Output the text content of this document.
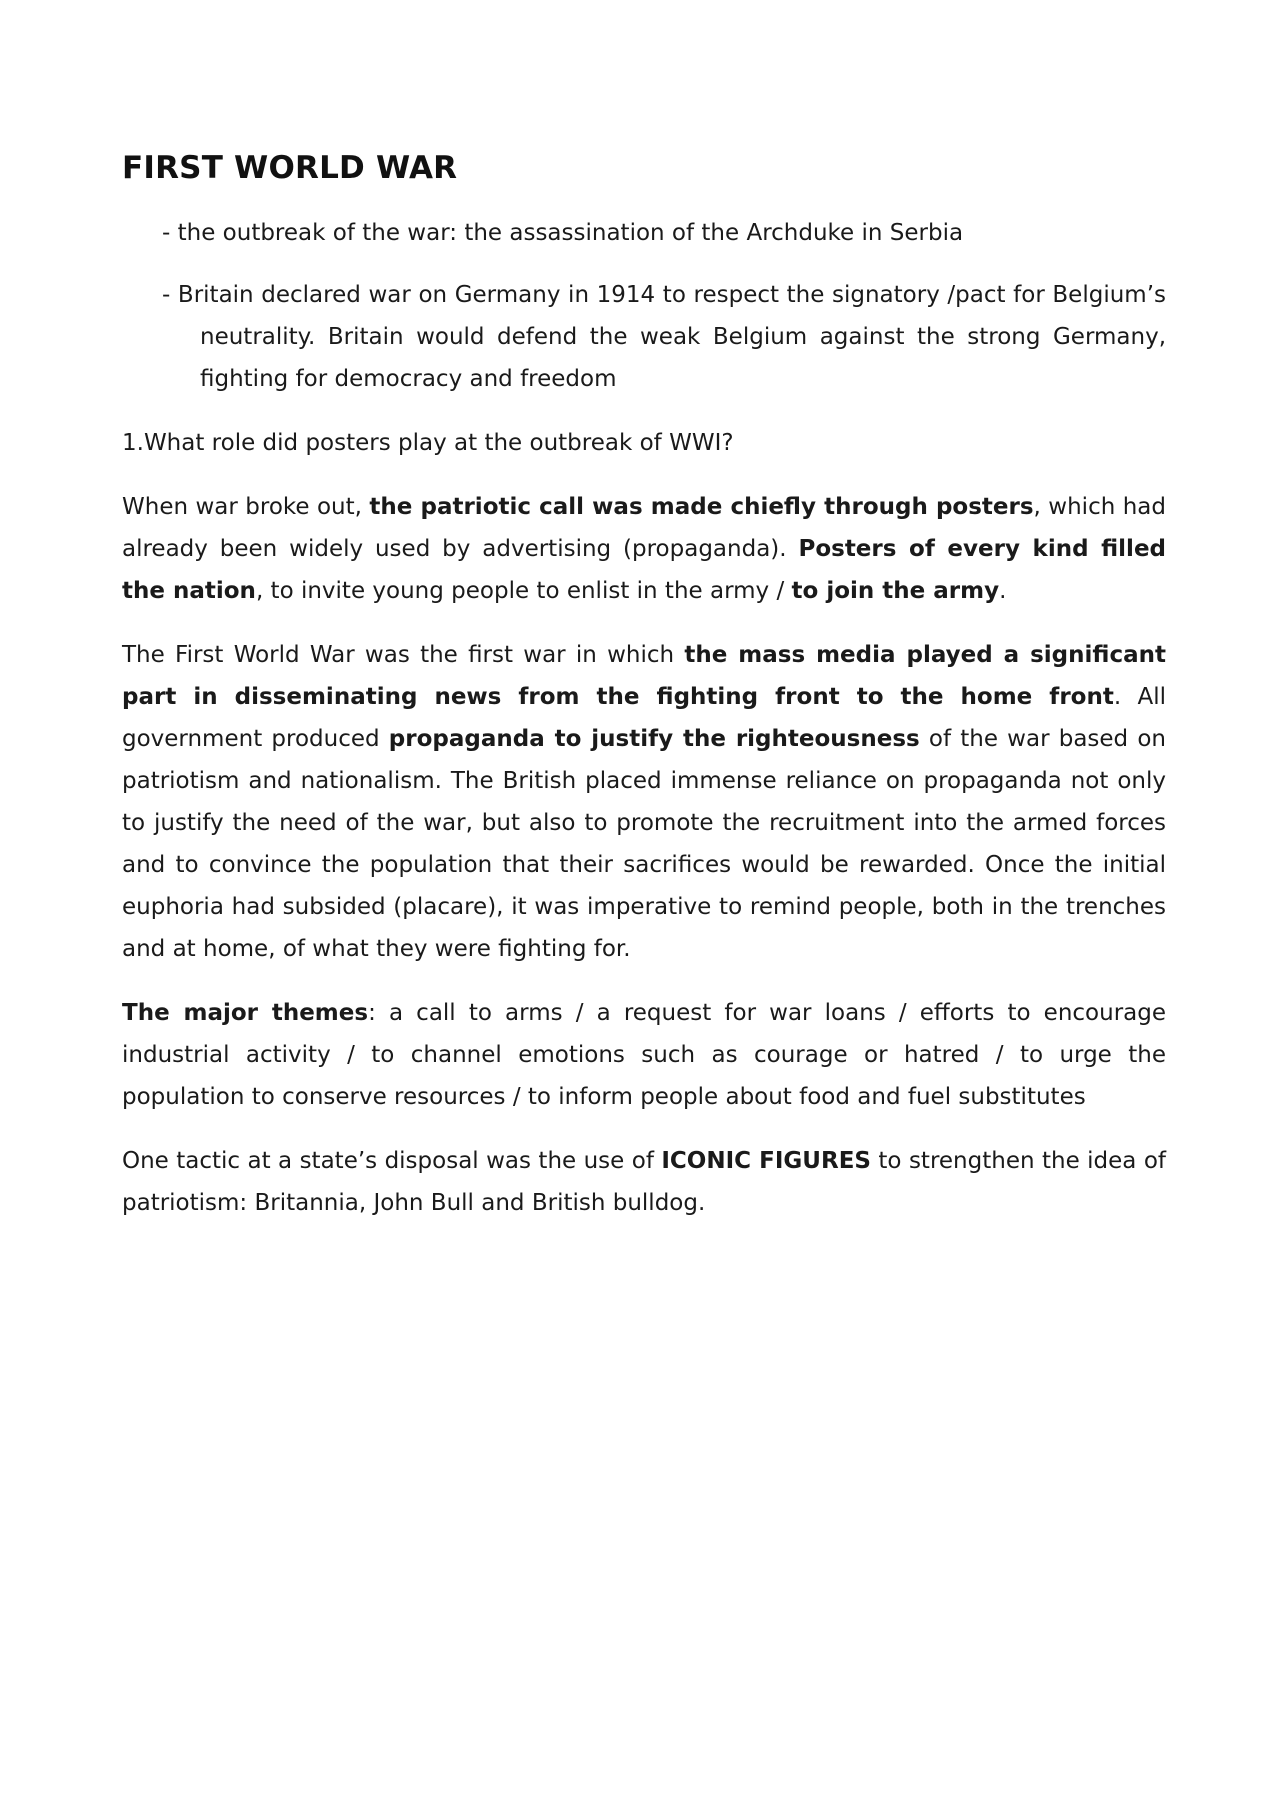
FIRST WORLD WAR
- the outbreak of the war: the assassination of the Archduke in Serbia
- Britain declared war on Germany in 1914 to respect the signatory /pact for Belgium’s neutrality. Britain would defend the weak Belgium against the strong Germany, fighting for democracy and freedom
1.What role did posters play at the outbreak of WWI?

When war broke out, the patriotic call was made chiefly through posters, which had already been widely used by advertising (propaganda). Posters of every kind filled the nation, to invite young people to enlist in the army / to join the army.

The First World War was the first war in which the mass media played a significant part in disseminating news from the fighting front to the home front. All government produced propaganda to justify the righteousness of the war based on patriotism and nationalism. The British placed immense reliance on propaganda not only to justify the need of the war, but also to promote the recruitment into the armed forces and to convince the population that their sacrifices would be rewarded. Once the initial euphoria had subsided (placare), it was imperative to remind people, both in the trenches and at home, of what they were fighting for.

The major themes: a call to arms / a request for war loans / efforts to encourage industrial activity / to channel emotions such as courage or hatred / to urge the population to conserve resources / to inform people about food and fuel substitutes

One tactic at a state’s disposal was the use of ICONIC FIGURES to strengthen the idea of patriotism: Britannia, John Bull and British bulldog.
